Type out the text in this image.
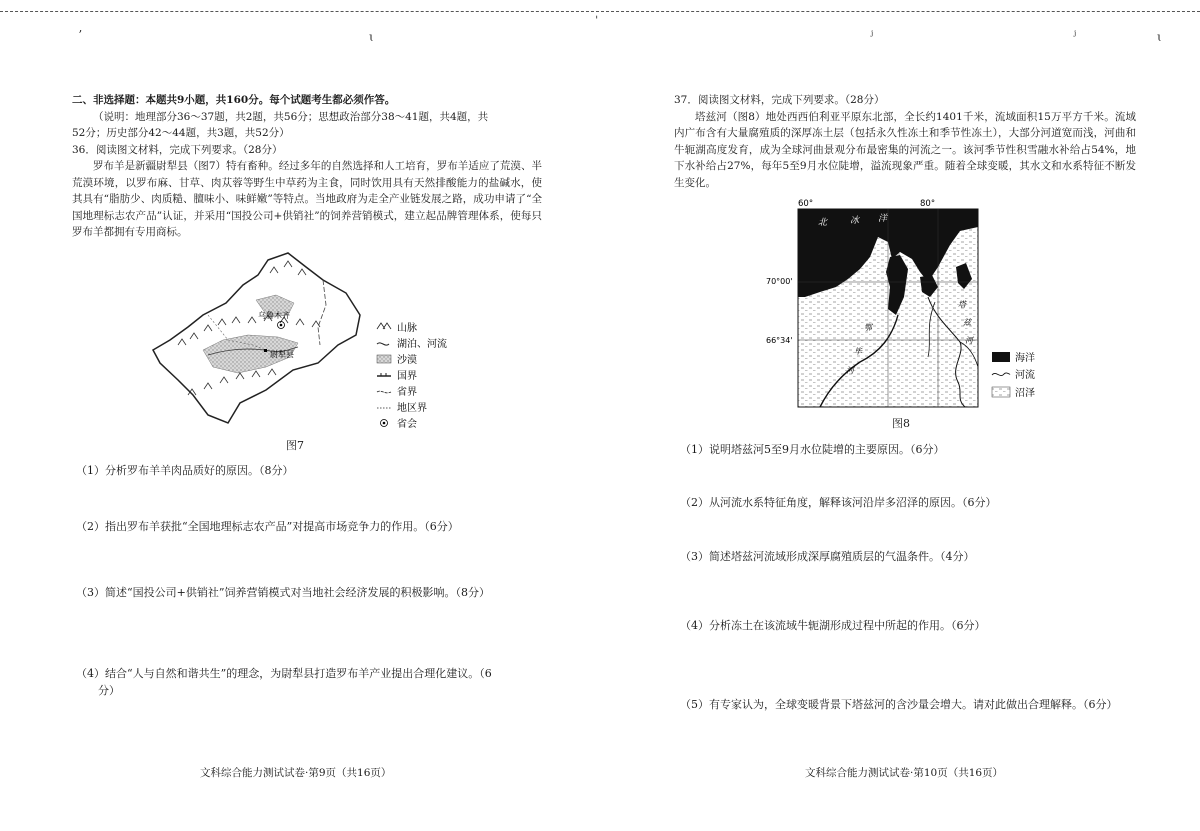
ʼ	ɩ
ˈ
ʲ	ʲ	ɩ
二、非选择题：本题共9小题，共160分。每个试题考生都必须作答。
（说明：地理部分36～37题，共2题，共56分；思想政治部分38～41题，共4题，共
52分；历史部分42～44题，共3题，共52分）
36．阅读图文材料，完成下列要求。（28分）
罗布羊是新疆尉犁县（图7）特有畜种。经过多年的自然选择和人工培育，罗布羊适应了荒漠、半荒漠环境，以罗布麻、甘草、肉苁蓉等野生中草药为主食，同时饮用具有天然排酸能力的盐碱水，使其具有“脂肪少、肉质糙、膻味小、味鲜嫩”等特点。当地政府为走全产业链发展之路，成功申请了“全国地理标志农产品”认证，并采用“国投公司+供销社”的饲养营销模式，建立起品牌管理体系，使每只罗布羊都拥有专用商标。
乌鲁木齐
尉犁县
山脉
湖泊、河流
沙漠
国界
省界
地区界
省会
图7
（1）分析罗布羊羊肉品质好的原因。（8分）
（2）指出罗布羊获批“全国地理标志农产品”对提高市场竞争力的作用。（6分）
（3）简述“国投公司+供销社”饲养营销模式对当地社会经济发展的积极影响。（8分）
（4）结合“人与自然和谐共生”的理念，为尉犁县打造罗布羊产业提出合理化建议。（6
分）
文科综合能力测试试卷·第9页（共16页）
37．阅读图文材料，完成下列要求。（28分）
塔兹河（图8）地处西西伯利亚平原东北部，全长约1401千米，流域面积15万平方千米。流域内广布含有大量腐殖质的深厚冻土层（包括永久性冻土和季节性冻土），大部分河道宽而浅，河曲和牛轭湖高度发育，成为全球河曲景观分布最密集的河流之一。该河季节性积雪融水补给占54%，地下水补给占27%，每年5至9月水位陡增，溢流现象严重。随着全球变暖，其水文和水系特征不断发生变化。
60°	80°
70°00'
66°34'
北	冰 洋
鄂
毕
河
塔
兹
河
海洋
河流
沼泽
图8
（1）说明塔兹河5至9月水位陡增的主要原因。（6分）
（2）从河流水系特征角度，解释该河沿岸多沼泽的原因。（6分）
（3）简述塔兹河流域形成深厚腐殖质层的气温条件。（4分）
（4）分析冻土在该流域牛轭湖形成过程中所起的作用。（6分）
（5）有专家认为，全球变暖背景下塔兹河的含沙量会增大。请对此做出合理解释。（6分）
文科综合能力测试试卷·第10页（共16页）
